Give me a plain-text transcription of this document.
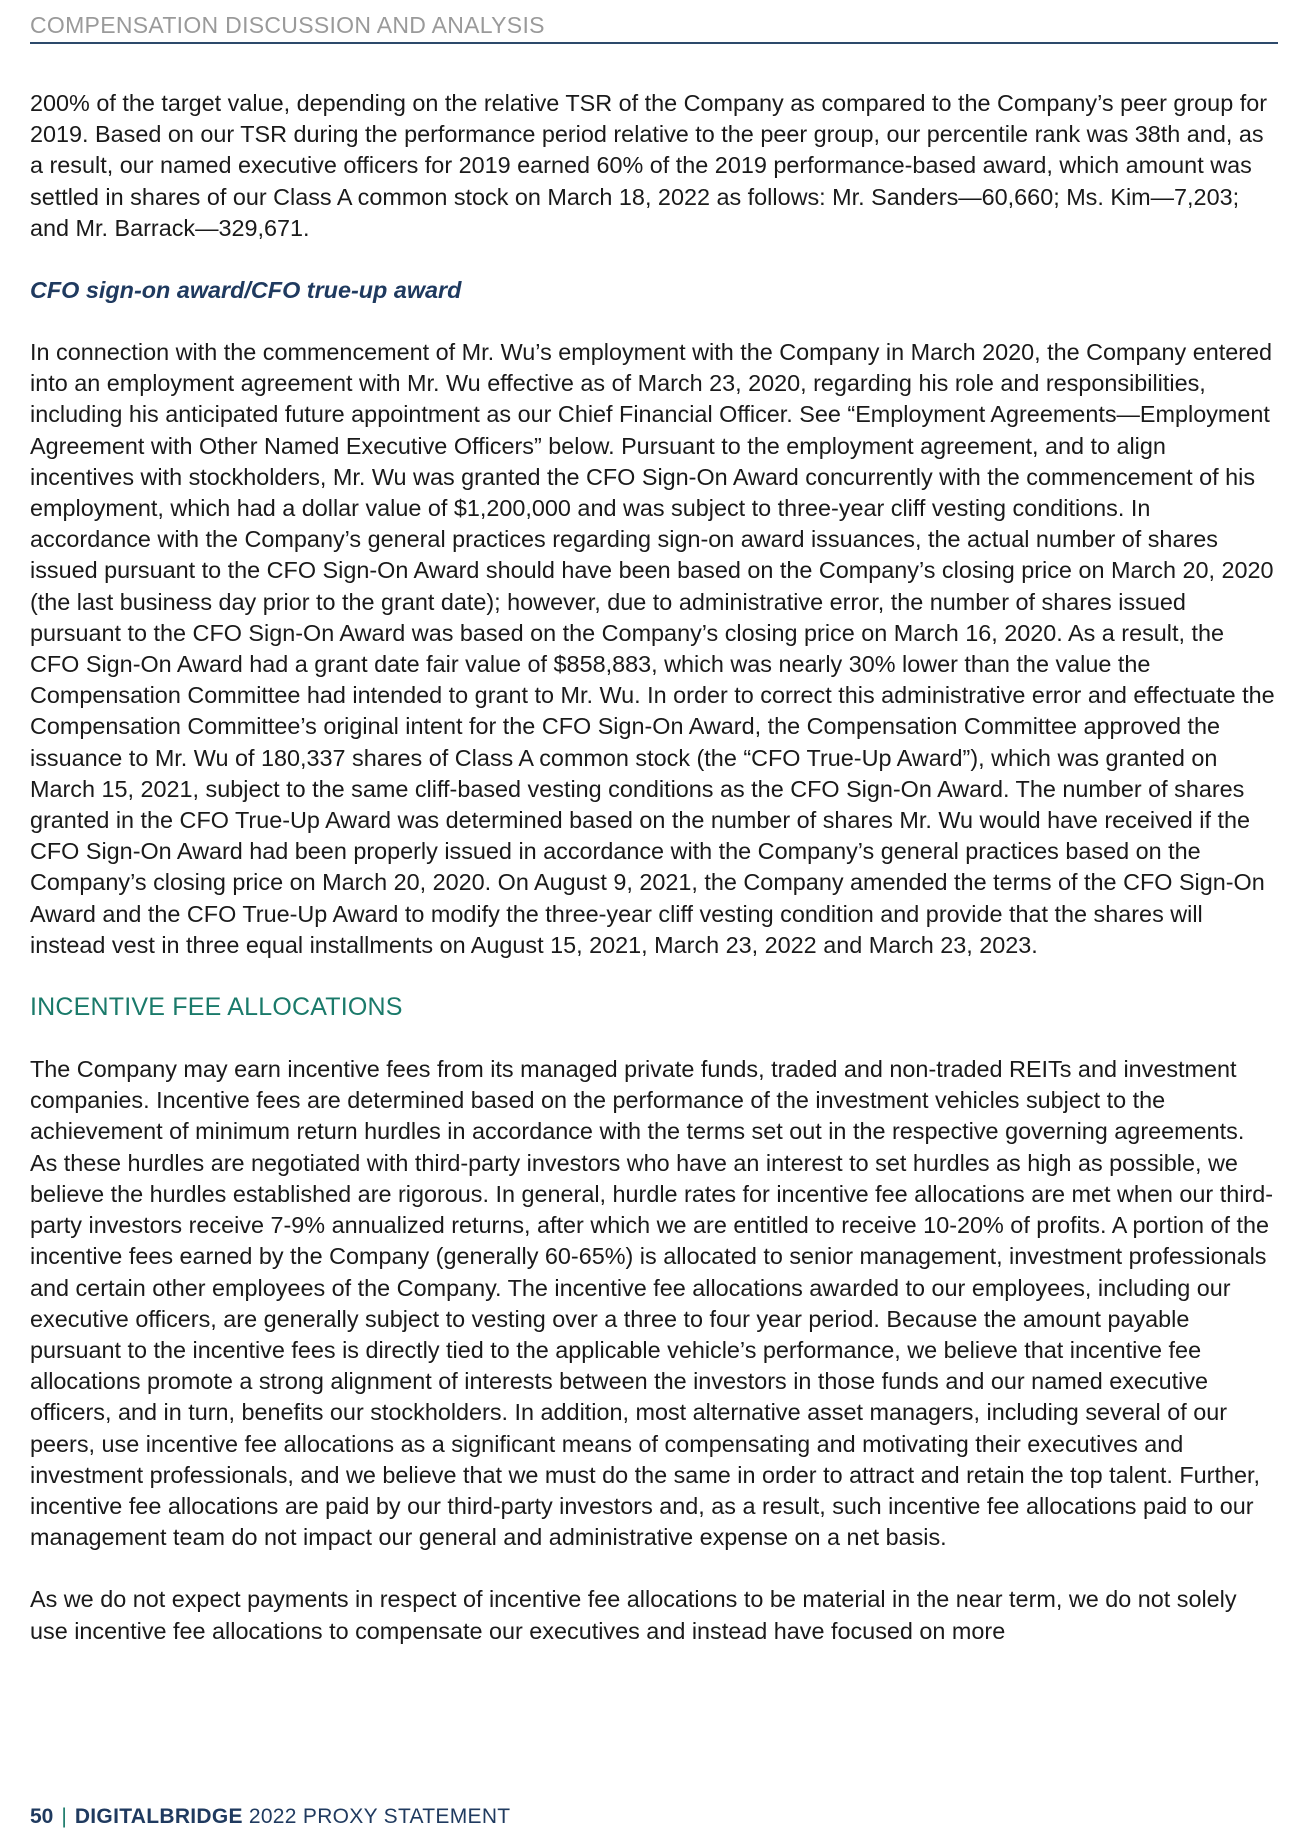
COMPENSATION DISCUSSION AND ANALYSIS

200% of the target value, depending on the relative TSR of the Company as compared to the Company’s peer group for 2019. Based on our TSR during the performance period relative to the peer group, our percentile rank was 38th and, as a result, our named executive officers for 2019 earned 60% of the 2019 performance-based award, which amount was settled in shares of our Class A common stock on March 18, 2022 as follows: Mr. Sanders—60,660; Ms. Kim—7,203; and Mr. Barrack—329,671.

CFO sign-on award/CFO true-up award

In connection with the commencement of Mr. Wu’s employment with the Company in March 2020, the Company entered into an employment agreement with Mr. Wu effective as of March 23, 2020, regarding his role and responsibilities, including his anticipated future appointment as our Chief Financial Officer. See “Employment Agreements—Employment Agreement with Other Named Executive Officers” below. Pursuant to the employment agreement, and to align incentives with stockholders, Mr. Wu was granted the CFO Sign-On Award concurrently with the commencement of his employment, which had a dollar value of $1,200,000 and was subject to three-year cliff vesting conditions. In accordance with the Company’s general practices regarding sign-on award issuances, the actual number of shares issued pursuant to the CFO Sign-On Award should have been based on the Company’s closing price on March 20, 2020 (the last business day prior to the grant date); however, due to administrative error, the number of shares issued pursuant to the CFO Sign-On Award was based on the Company’s closing price on March 16, 2020. As a result, the CFO Sign-On Award had a grant date fair value of $858,883, which was nearly 30% lower than the value the Compensation Committee had intended to grant to Mr. Wu. In order to correct this administrative error and effectuate the Compensation Committee’s original intent for the CFO Sign-On Award, the Compensation Committee approved the issuance to Mr. Wu of 180,337 shares of Class A common stock (the “CFO True-Up Award”), which was granted on March 15, 2021, subject to the same cliff-based vesting conditions as the CFO Sign-On Award. The number of shares granted in the CFO True-Up Award was determined based on the number of shares Mr. Wu would have received if the CFO Sign-On Award had been properly issued in accordance with the Company’s general practices based on the Company’s closing price on March 20, 2020. On August 9, 2021, the Company amended the terms of the CFO Sign-On Award and the CFO True-Up Award to modify the three-year cliff vesting condition and provide that the shares will instead vest in three equal installments on August 15, 2021, March 23, 2022 and March 23, 2023.

INCENTIVE FEE ALLOCATIONS

The Company may earn incentive fees from its managed private funds, traded and non-traded REITs and investment companies. Incentive fees are determined based on the performance of the investment vehicles subject to the achievement of minimum return hurdles in accordance with the terms set out in the respective governing agreements. As these hurdles are negotiated with third-party investors who have an interest to set hurdles as high as possible, we believe the hurdles established are rigorous. In general, hurdle rates for incentive fee allocations are met when our third-party investors receive 7-9% annualized returns, after which we are entitled to receive 10-20% of profits. A portion of the incentive fees earned by the Company (generally 60-65%) is allocated to senior management, investment professionals and certain other employees of the Company. The incentive fee allocations awarded to our employees, including our executive officers, are generally subject to vesting over a three to four year period. Because the amount payable pursuant to the incentive fees is directly tied to the applicable vehicle’s performance, we believe that incentive fee allocations promote a strong alignment of interests between the investors in those funds and our named executive officers, and in turn, benefits our stockholders. In addition, most alternative asset managers, including several of our peers, use incentive fee allocations as a significant means of compensating and motivating their executives and investment professionals, and we believe that we must do the same in order to attract and retain the top talent. Further, incentive fee allocations are paid by our third-party investors and, as a result, such incentive fee allocations paid to our management team do not impact our general and administrative expense on a net basis.

As we do not expect payments in respect of incentive fee allocations to be material in the near term, we do not solely use incentive fee allocations to compensate our executives and instead have focused on more

50 | DIGITALBRIDGE 2022 PROXY STATEMENT
